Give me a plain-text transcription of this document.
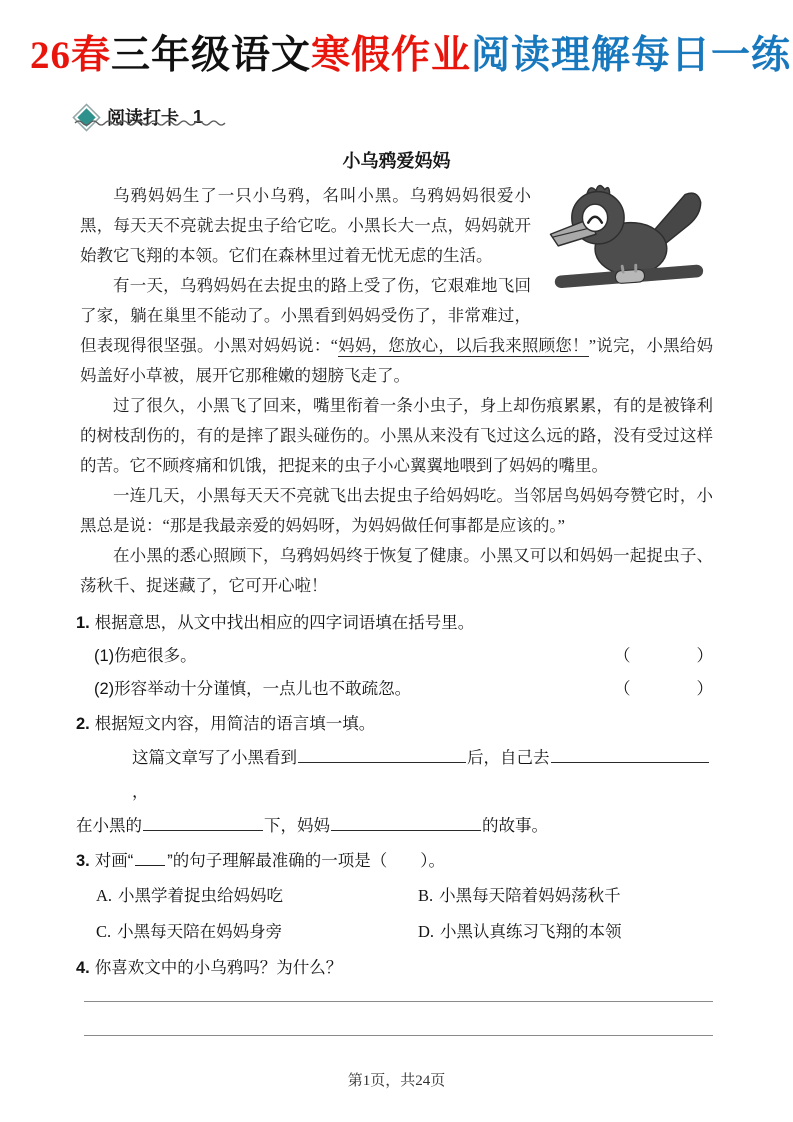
26春三年级语文寒假作业阅读理解每日一练
阅读打卡 1
小乌鸦爱妈妈

乌鸦妈妈生了一只小乌鸦，名叫小黑。乌鸦妈妈很爱小黑，每天天不亮就去捉虫子给它吃。小黑长大一点，妈妈就开始教它飞翔的本领。它们在森林里过着无忧无虑的生活。

有一天，乌鸦妈妈在去捉虫的路上受了伤，它艰难地飞回了家，躺在巢里不能动了。小黑看到妈妈受伤了，非常难过，但表现得很坚强。小黑对妈妈说：“妈妈，您放心，以后我来照顾您！”说完，小黑给妈妈盖好小草被，展开它那稚嫩的翅膀飞走了。

过了很久，小黑飞了回来，嘴里衔着一条小虫子，身上却伤痕累累，有的是被锋利的树枝刮伤的，有的是摔了跟头碰伤的。小黑从来没有飞过这么远的路，没有受过这样的苦。它不顾疼痛和饥饿，把捉来的虫子小心翼翼地喂到了妈妈的嘴里。

一连几天，小黑每天天不亮就飞出去捉虫子给妈妈吃。当邻居鸟妈妈夸赞它时，小黑总是说：“那是我最亲爱的妈妈呀，为妈妈做任何事都是应该的。”

在小黑的悉心照顾下，乌鸦妈妈终于恢复了健康。小黑又可以和妈妈一起捉虫子、荡秋千、捉迷藏了，它可开心啦！

1. 根据意思，从文中找出相应的四字词语填在括号里。
(1)伤疤很多。	（　　　　）
(2)形容举动十分谨慎，一点儿也不敢疏忽。	（　　　　）
2. 根据短文内容，用简洁的语言填一填。
这篇文章写了小黑看到	后，自己去，
在小黑的	下，妈妈	的故事。
3. 对画“ ”的句子理解最准确的一项是（　　）。
A. 小黑学着捉虫给妈妈吃	B. 小黑每天陪着妈妈荡秋千
C. 小黑每天陪在妈妈身旁	D. 小黑认真练习飞翔的本领
4. 你喜欢文中的小乌鸦吗？为什么？
第1页，共24页
